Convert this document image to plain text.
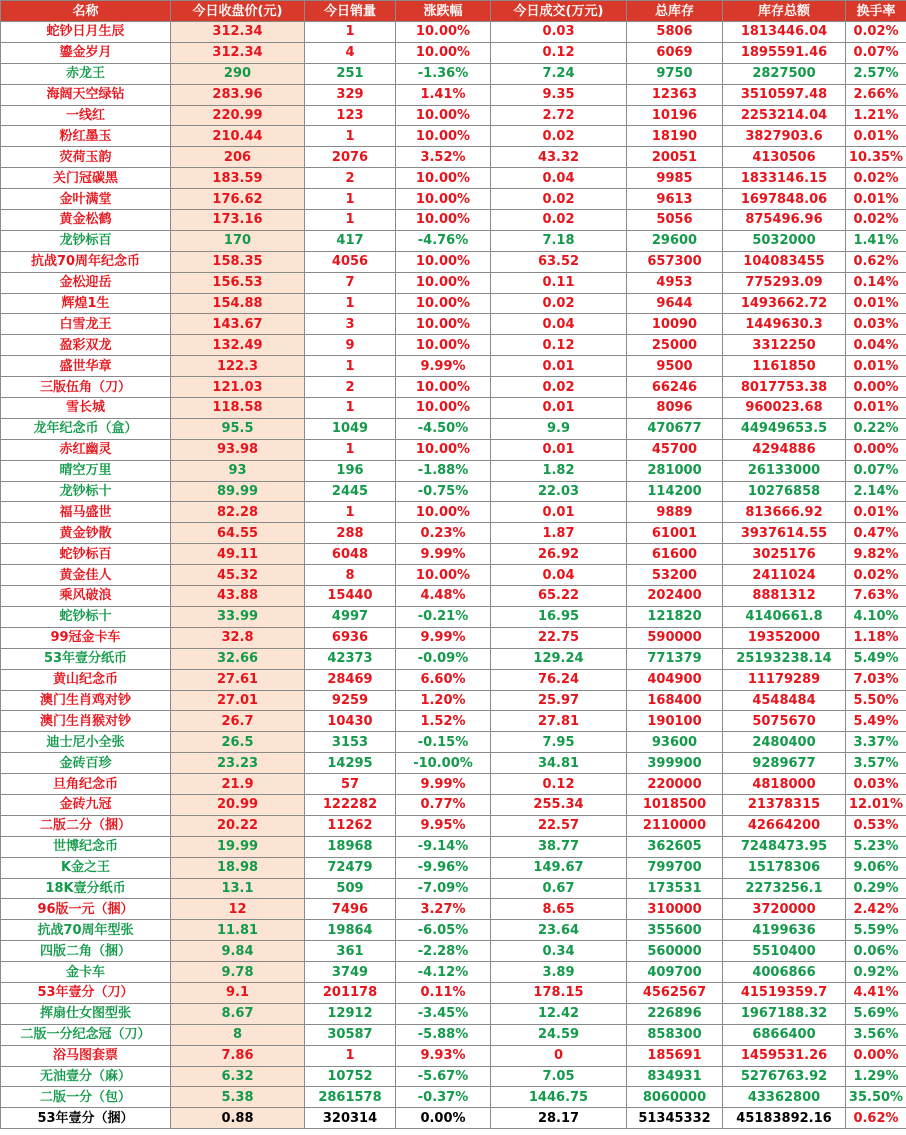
名称	今日收盘价(元)	今日销量	涨跌幅	今日成交(万元)	总库存	库存总额	换手率
蛇钞日月生辰	312.34	1	10.00%	0.03	5806	1813446.04	0.02%
鎏金岁月	312.34	4	10.00%	0.12	6069	1895591.46	0.07%
赤龙王	290	251	-1.36%	7.24	9750	2827500	2.57%
海阔天空绿钻	283.96	329	1.41%	9.35	12363	3510597.48	2.66%
一线红	220.99	123	10.00%	2.72	10196	2253214.04	1.21%
粉红墨玉	210.44	1	10.00%	0.02	18190	3827903.6	0.01%
荧荷玉韵	206	2076	3.52%	43.32	20051	4130506	10.35%
关门冠碳黑	183.59	2	10.00%	0.04	9985	1833146.15	0.02%
金叶满堂	176.62	1	10.00%	0.02	9613	1697848.06	0.01%
黄金松鹤	173.16	1	10.00%	0.02	5056	875496.96	0.02%
龙钞标百	170	417	-4.76%	7.18	29600	5032000	1.41%
抗战70周年纪念币	158.35	4056	10.00%	63.52	657300	104083455	0.62%
金松迎岳	156.53	7	10.00%	0.11	4953	775293.09	0.14%
辉煌1生	154.88	1	10.00%	0.02	9644	1493662.72	0.01%
白雪龙王	143.67	3	10.00%	0.04	10090	1449630.3	0.03%
盈彩双龙	132.49	9	10.00%	0.12	25000	3312250	0.04%
盛世华章	122.3	1	9.99%	0.01	9500	1161850	0.01%
三版伍角（刀）	121.03	2	10.00%	0.02	66246	8017753.38	0.00%
雪长城	118.58	1	10.00%	0.01	8096	960023.68	0.01%
龙年纪念币（盒）	95.5	1049	-4.50%	9.9	470677	44949653.5	0.22%
赤红幽灵	93.98	1	10.00%	0.01	45700	4294886	0.00%
晴空万里	93	196	-1.88%	1.82	281000	26133000	0.07%
龙钞标十	89.99	2445	-0.75%	22.03	114200	10276858	2.14%
福马盛世	82.28	1	10.00%	0.01	9889	813666.92	0.01%
黄金钞散	64.55	288	0.23%	1.87	61001	3937614.55	0.47%
蛇钞标百	49.11	6048	9.99%	26.92	61600	3025176	9.82%
黄金佳人	45.32	8	10.00%	0.04	53200	2411024	0.02%
乘风破浪	43.88	15440	4.48%	65.22	202400	8881312	7.63%
蛇钞标十	33.99	4997	-0.21%	16.95	121820	4140661.8	4.10%
99冠金卡车	32.8	6936	9.99%	22.75	590000	19352000	1.18%
53年壹分纸币	32.66	42373	-0.09%	129.24	771379	25193238.14	5.49%
黄山纪念币	27.61	28469	6.60%	76.24	404900	11179289	7.03%
澳门生肖鸡对钞	27.01	9259	1.20%	25.97	168400	4548484	5.50%
澳门生肖猴对钞	26.7	10430	1.52%	27.81	190100	5075670	5.49%
迪士尼小全张	26.5	3153	-0.15%	7.95	93600	2480400	3.37%
金砖百珍	23.23	14295	-10.00%	34.81	399900	9289677	3.57%
旦角纪念币	21.9	57	9.99%	0.12	220000	4818000	0.03%
金砖九冠	20.99	122282	0.77%	255.34	1018500	21378315	12.01%
二版二分（捆）	20.22	11262	9.95%	22.57	2110000	42664200	0.53%
世博纪念币	19.99	18968	-9.14%	38.77	362605	7248473.95	5.23%
K金之王	18.98	72479	-9.96%	149.67	799700	15178306	9.06%
18K壹分纸币	13.1	509	-7.09%	0.67	173531	2273256.1	0.29%
96版一元（捆）	12	7496	3.27%	8.65	310000	3720000	2.42%
抗战70周年型张	11.81	19864	-6.05%	23.64	355600	4199636	5.59%
四版二角（捆）	9.84	361	-2.28%	0.34	560000	5510400	0.06%
金卡车	9.78	3749	-4.12%	3.89	409700	4006866	0.92%
53年壹分（刀）	9.1	201178	0.11%	178.15	4562567	41519359.7	4.41%
挥扇仕女图型张	8.67	12912	-3.45%	12.42	226896	1967188.32	5.69%
二版一分纪念冠（刀）	8	30587	-5.88%	24.59	858300	6866400	3.56%
浴马图套票	7.86	1	9.93%	0	185691	1459531.26	0.00%
无油壹分（麻）	6.32	10752	-5.67%	7.05	834931	5276763.92	1.29%
二版一分（包）	5.38	2861578	-0.37%	1446.75	8060000	43362800	35.50%
53年壹分（捆）	0.88	320314	0.00%	28.17	51345332	45183892.16	0.62%
